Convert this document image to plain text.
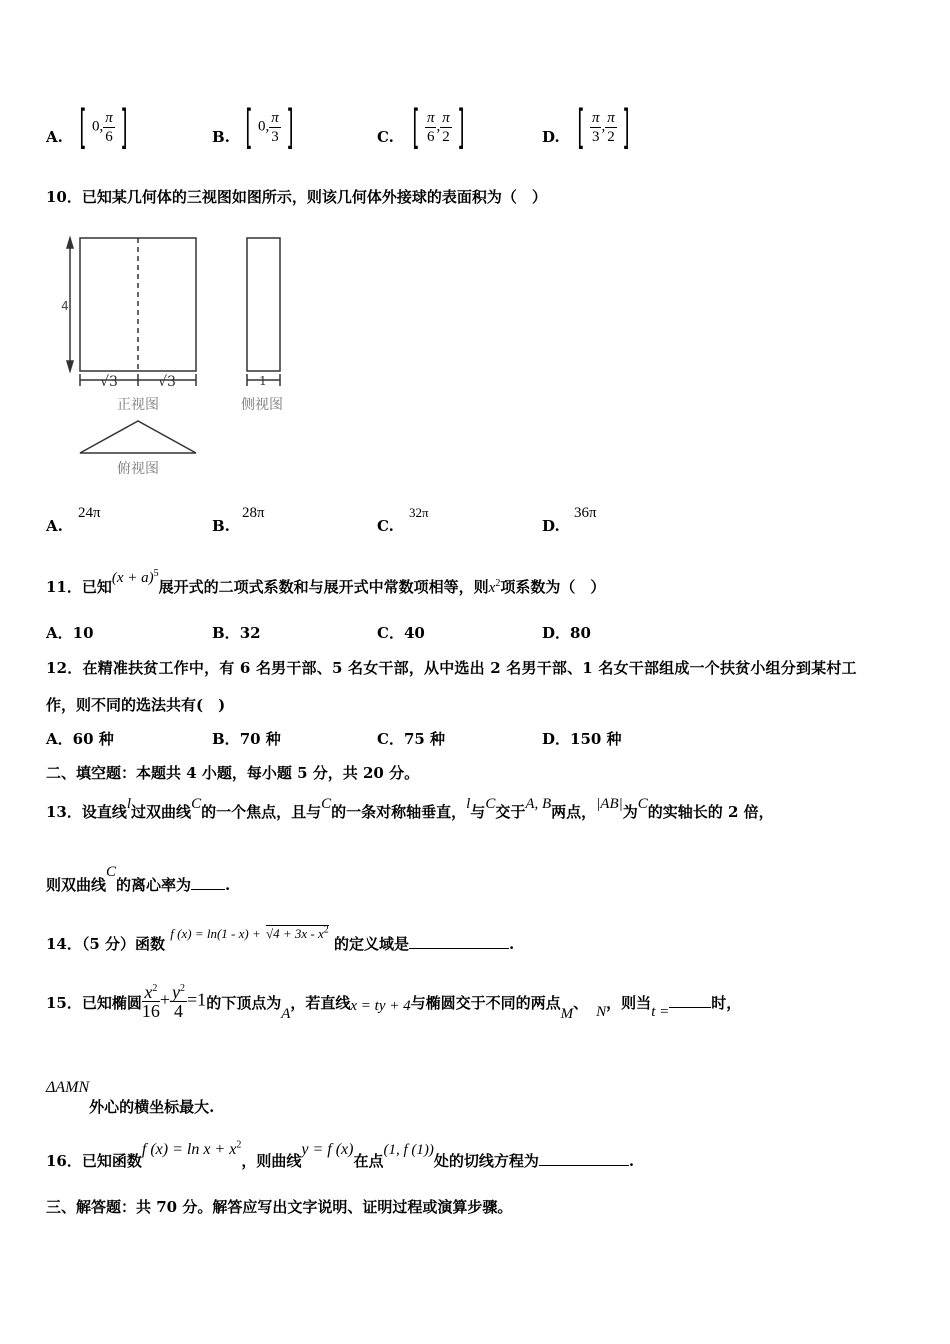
A. [ 0, $\frac{\pi}{6}$ ]	B. [ 0, $\frac{\pi}{3}$ ]	C. [ $\frac{\pi}{6}$ , $\frac{\pi}{2}$ ]	D. [ $\frac{\pi}{3}$ , $\frac{\pi}{2}$ ]
10．已知某几何体的三视图如图所示，则该几何体外接球的表面积为（　）
4
√3	√3
正视图
1
侧视图
俯视图
A.
24π
B.
28π
C.
32π
D.
36π
11．已知$(x + a)^5$展开式的二项式系数和与展开式中常数项相等，则$x^2$项系数为（　）
A．10	B．32	C．40	D．80
12．在精准扶贫工作中，有 6 名男干部、5 名女干部，从中选出 2 名男干部、1 名女干部组成一个扶贫小组分到某村工
作，则不同的选法共有(　)
A．60 种	B．70 种	C．75 种	D．150 种
二、填空题：本题共 4 小题，每小题 5 分，共 20 分。
13．设直线l过双曲线C的一个焦点，且与C的一条对称轴垂直，l与C交于A, B两点，|AB|为C的实轴长的 2 倍，
则双曲线C的离心率为 .
14．（5 分）函数 f $(x) = \ln(1 - x) + √4 + 3x - x^2$ 的定义域是	.
15．已知椭圆 $\frac{x^2}{16} + \frac{y^2}{4} =1$的下顶点为A，若直线x = ty + 4与椭圆交于不同的两点M、 N，则当t =	时，
ΔAMN外心的横坐标最大.
16．已知函数f $(x) = \ln x + x^2$，则曲线y = f (x)在点(1, f (1))处的切线方程为	.
三、解答题：共 70 分。解答应写出文字说明、证明过程或演算步骤。
